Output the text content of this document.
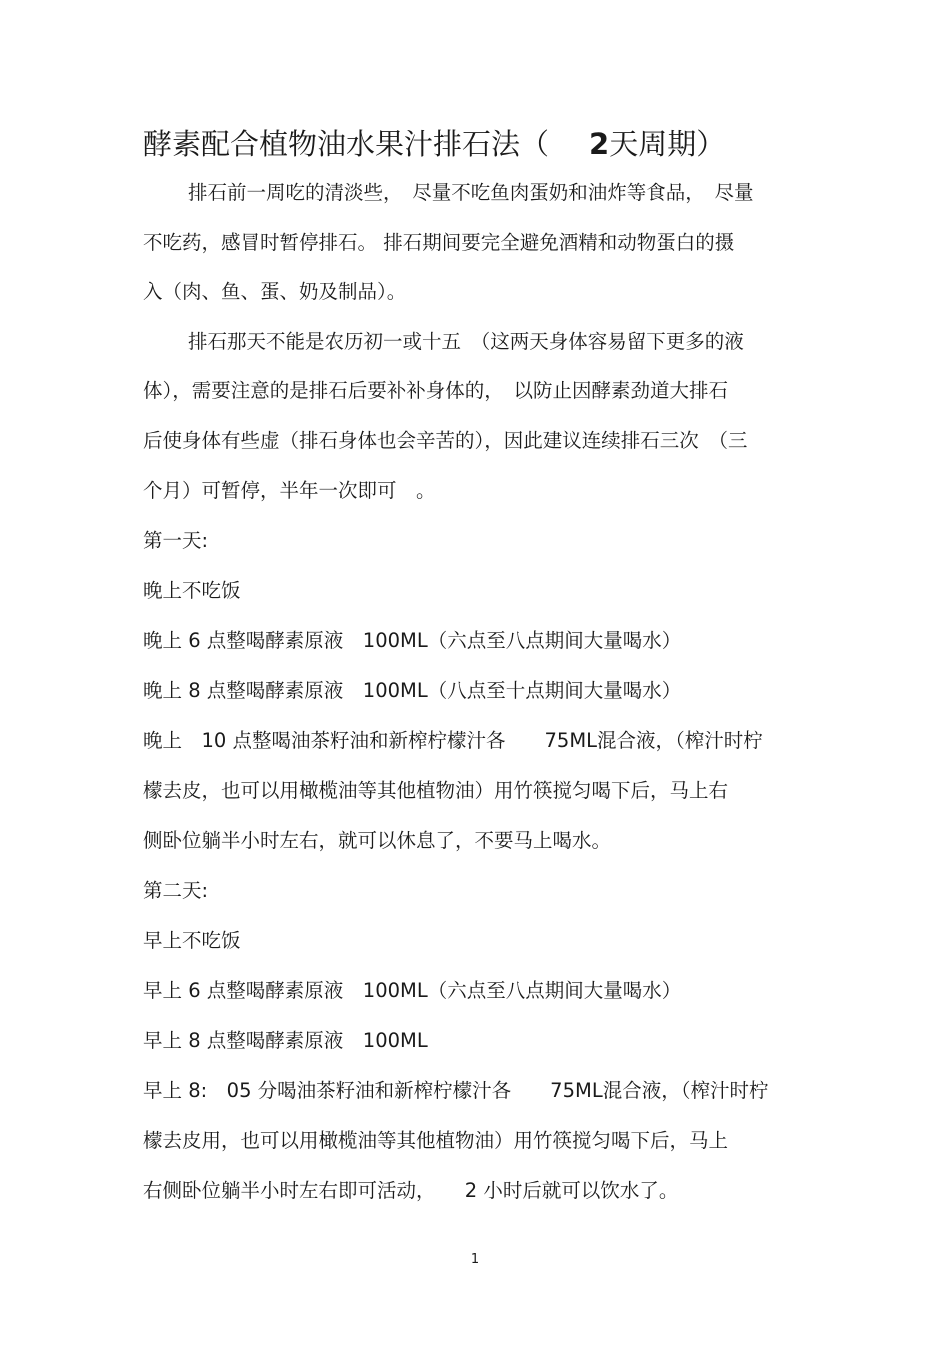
酵素配合植物油水果汁排石法（ 2天周期）

排石前一周吃的清淡些，　尽量不吃鱼肉蛋奶和油炸等食品，　尽量

不吃药，感冒时暂停排石。 排石期间要完全避免酒精和动物蛋白的摄

入（肉、鱼、蛋、奶及制品）。

排石那天不能是农历初一或十五　（这两天身体容易留下更多的液

体），需要注意的是排石后要补补身体的，　以防止因酵素劲道大排石

后使身体有些虚（排石身体也会辛苦的），因此建议连续排石三次　（三

个月）可暂停，半年一次即可　。

第一天:

晚上不吃饭

晚上 6 点整喝酵素原液　100ML（六点至八点期间大量喝水）

晚上 8 点整喝酵素原液　100ML（八点至十点期间大量喝水）

晚上　10 点整喝油茶籽油和新榨柠檬汁各　　75ML混合液，（榨汁时柠

檬去皮，也可以用橄榄油等其他植物油）用竹筷搅匀喝下后，马上右

侧卧位躺半小时左右，就可以休息了，不要马上喝水。

第二天:

早上不吃饭

早上 6 点整喝酵素原液　100ML（六点至八点期间大量喝水）

早上 8 点整喝酵素原液　100ML

早上 8:　05 分喝油茶籽油和新榨柠檬汁各　　75ML混合液，（榨汁时柠

檬去皮用，也可以用橄榄油等其他植物油）用竹筷搅匀喝下后，马上

右侧卧位躺半小时左右即可活动，　　2 小时后就可以饮水了。

1
